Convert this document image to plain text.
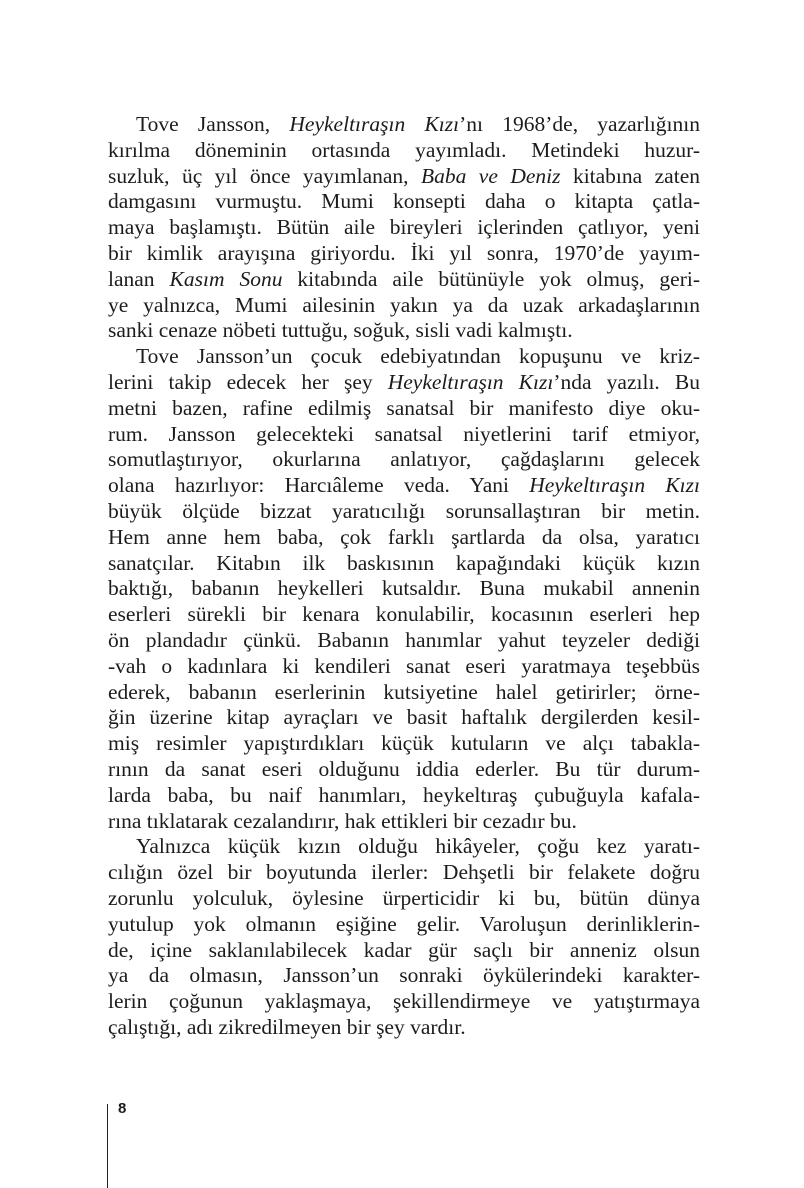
Tove Jansson, Heykeltıraşın Kızı’nı 1968’de, yazarlığının
kırılma döneminin ortasında yayımladı. Metindeki huzur-
suzluk, üç yıl önce yayımlanan, Baba ve Deniz kitabına zaten
damgasını vurmuştu. Mumi konsepti daha o kitapta çatla-
maya başlamıştı. Bütün aile bireyleri içlerinden çatlıyor, yeni
bir kimlik arayışına giriyordu. İki yıl sonra, 1970’de yayım-
lanan Kasım Sonu kitabında aile bütünüyle yok olmuş, geri-
ye yalnızca, Mumi ailesinin yakın ya da uzak arkadaşlarının
sanki cenaze nöbeti tuttuğu, soğuk, sisli vadi kalmıştı.
Tove Jansson’un çocuk edebiyatından kopuşunu ve kriz-
lerini takip edecek her şey Heykeltıraşın Kızı’nda yazılı. Bu
metni bazen, rafine edilmiş sanatsal bir manifesto diye oku-
rum. Jansson gelecekteki sanatsal niyetlerini tarif etmiyor,
somutlaştırıyor, okurlarına anlatıyor, çağdaşlarını gelecek
olana hazırlıyor: Harcıâleme veda. Yani Heykeltıraşın Kızı
büyük ölçüde bizzat yaratıcılığı sorunsallaştıran bir metin.
Hem anne hem baba, çok farklı şartlarda da olsa, yaratıcı
sanatçılar. Kitabın ilk baskısının kapağındaki küçük kızın
baktığı, babanın heykelleri kutsaldır. Buna mukabil annenin
eserleri sürekli bir kenara konulabilir, kocasının eserleri hep
ön plandadır çünkü. Babanın hanımlar yahut teyzeler dediği
-vah o kadınlara ki kendileri sanat eseri yaratmaya teşebbüs
ederek, babanın eserlerinin kutsiyetine halel getirirler; örne-
ğin üzerine kitap ayraçları ve basit haftalık dergilerden kesil-
miş resimler yapıştırdıkları küçük kutuların ve alçı tabakla-
rının da sanat eseri olduğunu iddia ederler. Bu tür durum-
larda baba, bu naif hanımları, heykeltıraş çubuğuyla kafala-
rına tıklatarak cezalandırır, hak ettikleri bir cezadır bu.
Yalnızca küçük kızın olduğu hikâyeler, çoğu kez yaratı-
cılığın özel bir boyutunda ilerler: Dehşetli bir felakete doğru
zorunlu yolculuk, öylesine ürperticidir ki bu, bütün dünya
yutulup yok olmanın eşiğine gelir. Varoluşun derinliklerin-
de, içine saklanılabilecek kadar gür saçlı bir anneniz olsun
ya da olmasın, Jansson’un sonraki öykülerindeki karakter-
lerin çoğunun yaklaşmaya, şekillendirmeye ve yatıştırmaya
çalıştığı, adı zikredilmeyen bir şey vardır.
8
